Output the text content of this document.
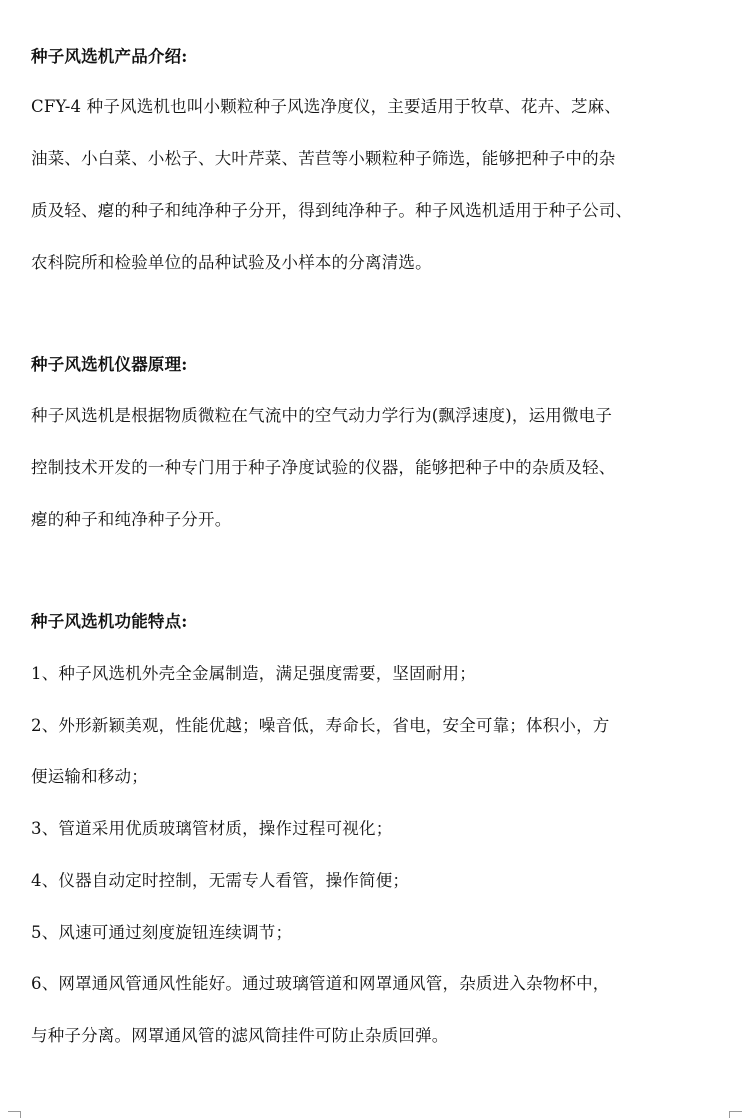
种子风选机产品介绍:
CFY-4 种子风选机也叫小颗粒种子风选净度仪，主要适用于牧草、花卉、芝麻、
油菜、小白菜、小松子、大叶芹菜、苦苣等小颗粒种子筛选，能够把种子中的杂
质及轻、瘪的种子和纯净种子分开，得到纯净种子。种子风选机适用于种子公司、
农科院所和检验单位的品种试验及小样本的分离清选。
种子风选机仪器原理:
种子风选机是根据物质微粒在气流中的空气动力学行为(飘浮速度)，运用微电子
控制技术开发的一种专门用于种子净度试验的仪器，能够把种子中的杂质及轻、
瘪的种子和纯净种子分开。
种子风选机功能特点:
1、种子风选机外壳全金属制造，满足强度需要，坚固耐用；
2、外形新颖美观，性能优越；噪音低，寿命长，省电，安全可靠；体积小，方
便运输和移动；
3、管道采用优质玻璃管材质，操作过程可视化；
4、仪器自动定时控制，无需专人看管，操作简便；
5、风速可通过刻度旋钮连续调节；
6、网罩通风管通风性能好。通过玻璃管道和网罩通风管，杂质进入杂物杯中，
与种子分离。网罩通风管的滤风筒挂件可防止杂质回弹。
